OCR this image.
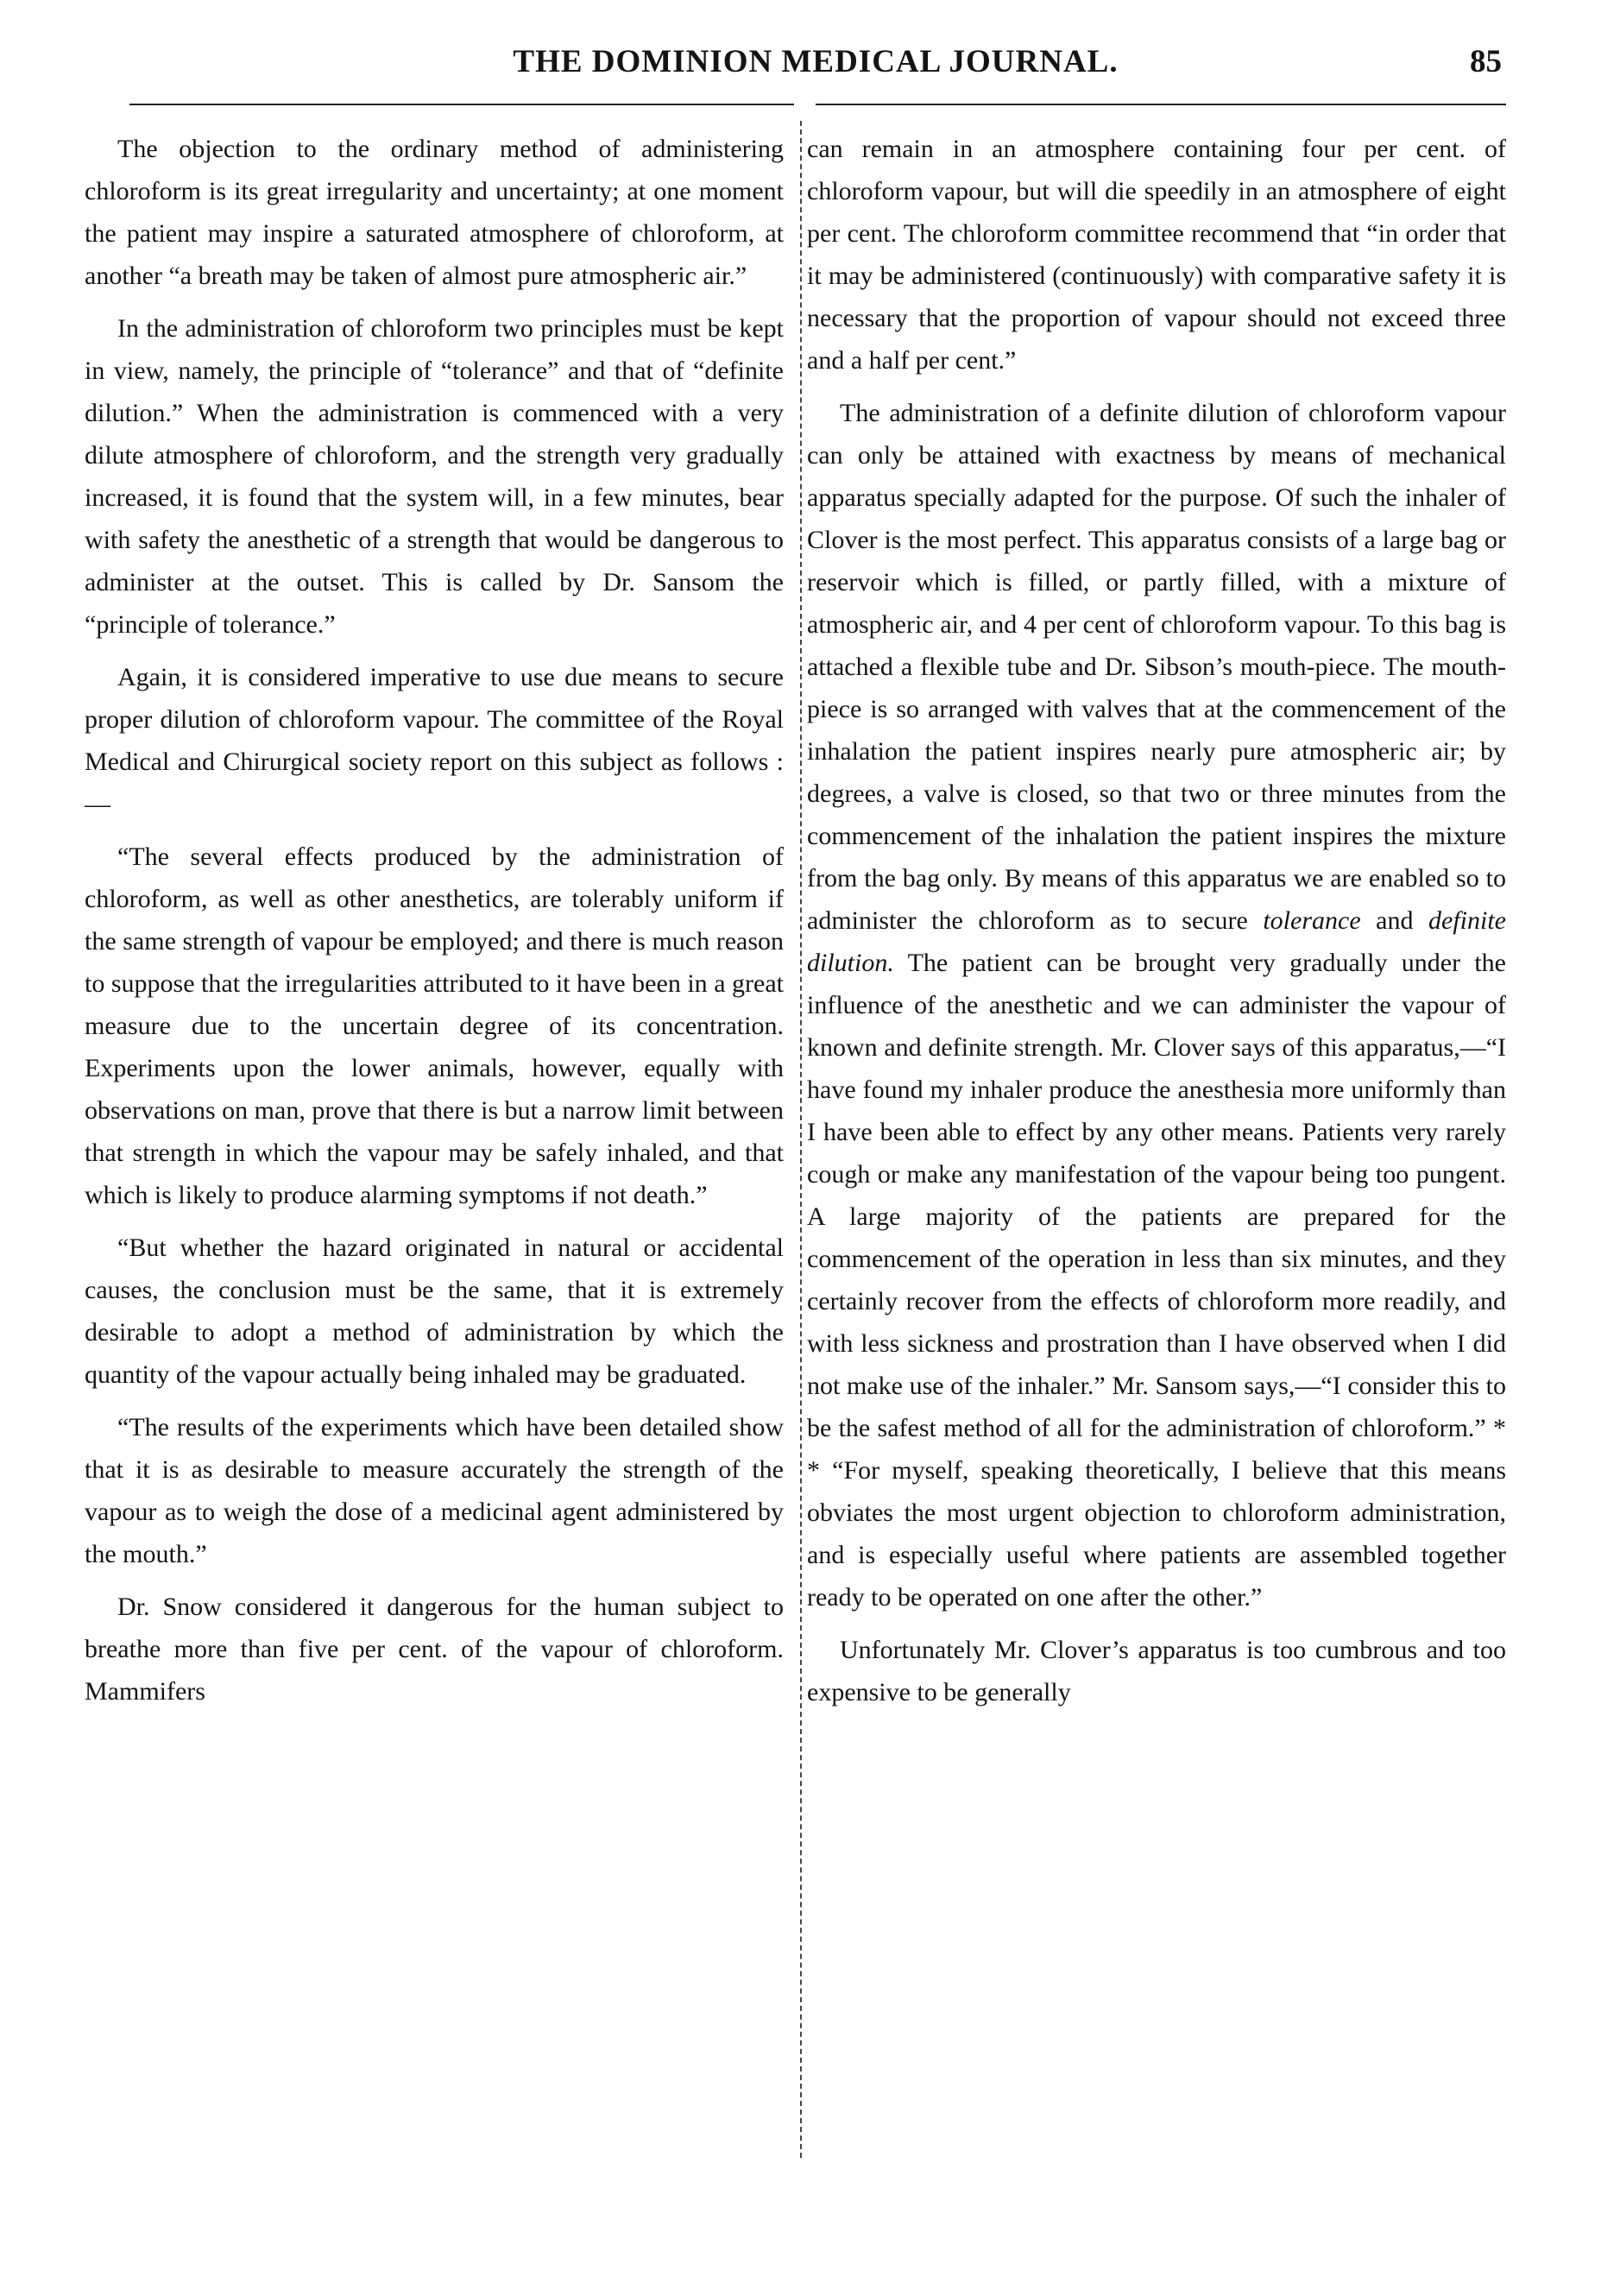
THE DOMINION MEDICAL JOURNAL.	85

The objection to the ordinary method of administering chloroform is its great irregularity and uncertainty; at one moment the patient may inspire a saturated atmosphere of chloroform, at another “a breath may be taken of almost pure atmospheric air.”

In the administration of chloroform two principles must be kept in view, namely, the principle of “tolerance” and that of “definite dilution.” When the administration is commenced with a very dilute atmosphere of chloroform, and the strength very gradually increased, it is found that the system will, in a few minutes, bear with safety the anesthetic of a strength that would be dangerous to administer at the outset. This is called by Dr. Sansom the “principle of tolerance.”

Again, it is considered imperative to use due means to secure proper dilution of chloroform vapour. The committee of the Royal Medical and Chirurgical society report on this subject as follows :—

“The several effects produced by the administration of chloroform, as well as other anesthetics, are tolerably uniform if the same strength of vapour be employed; and there is much reason to suppose that the irregularities attributed to it have been in a great measure due to the uncertain degree of its concentration. Experiments upon the lower animals, however, equally with observations on man, prove that there is but a narrow limit between that strength in which the vapour may be safely inhaled, and that which is likely to produce alarming symptoms if not death.”

“But whether the hazard originated in natural or accidental causes, the conclusion must be the same, that it is extremely desirable to adopt a method of administration by which the quantity of the vapour actually being inhaled may be graduated.

“The results of the experiments which have been detailed show that it is as desirable to measure accurately the strength of the vapour as to weigh the dose of a medicinal agent administered by the mouth.”

Dr. Snow considered it dangerous for the human subject to breathe more than five per cent. of the vapour of chloroform. Mammifers

can remain in an atmosphere containing four per cent. of chloroform vapour, but will die speedily in an atmosphere of eight per cent. The chloroform committee recommend that “in order that it may be administered (continuously) with comparative safety it is necessary that the proportion of vapour should not exceed three and a half per cent.”

The administration of a definite dilution of chloroform vapour can only be attained with exactness by means of mechanical apparatus specially adapted for the purpose. Of such the inhaler of Clover is the most perfect. This apparatus consists of a large bag or reservoir which is filled, or partly filled, with a mixture of atmospheric air, and 4 per cent of chloroform vapour. To this bag is attached a flexible tube and Dr. Sibson’s mouth-piece. The mouth-piece is so arranged with valves that at the commencement of the inhalation the patient inspires nearly pure atmospheric air; by degrees, a valve is closed, so that two or three minutes from the commencement of the inhalation the patient inspires the mixture from the bag only. By means of this apparatus we are enabled so to administer the chloroform as to secure tolerance and definite dilution. The patient can be brought very gradually under the influence of the anesthetic and we can administer the vapour of known and definite strength. Mr. Clover says of this apparatus,—“I have found my inhaler produce the anesthesia more uniformly than I have been able to effect by any other means. Patients very rarely cough or make any manifestation of the vapour being too pungent. A large majority of the patients are prepared for the commencement of the operation in less than six minutes, and they certainly recover from the effects of chloroform more readily, and with less sickness and prostration than I have observed when I did not make use of the inhaler.” Mr. Sansom says,—“I consider this to be the safest method of all for the administration of chloroform.” * * “For myself, speaking theoretically, I believe that this means obviates the most urgent objection to chloroform administration, and is especially useful where patients are assembled together ready to be operated on one after the other.”

Unfortunately Mr. Clover’s apparatus is too cumbrous and too expensive to be generally
